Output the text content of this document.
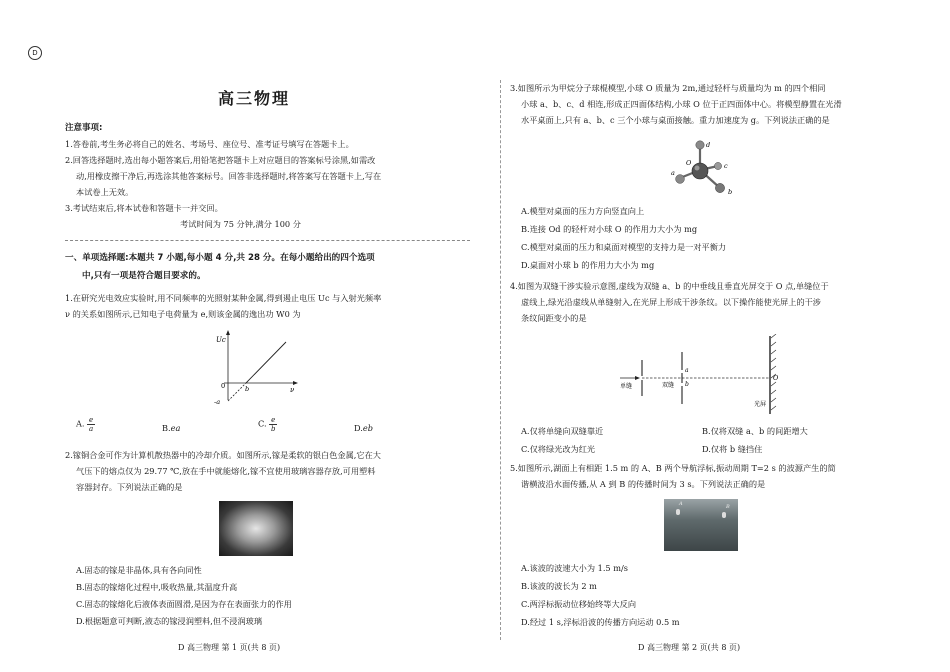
D
高三物理
注意事项:
1.答卷前,考生务必将自己的姓名、考场号、座位号、准考证号填写在答题卡上。
2.回答选择题时,选出每小题答案后,用铅笔把答题卡上对应题目的答案标号涂黑,如需改
动,用橡皮擦干净后,再选涂其他答案标号。回答非选择题时,将答案写在答题卡上,写在
本试卷上无效。
3.考试结束后,将本试卷和答题卡一并交回。
考试时间为 75 分钟,满分 100 分
一、单项选择题:本题共 7 小题,每小题 4 分,共 28 分。在每小题给出的四个选项
中,只有一项是符合题目要求的。
1.在研究光电效应实验时,用不同频率的光照射某种金属,得到遏止电压 Uc 与入射光频率
ν 的关系如图所示,已知电子电荷量为 e,则该金属的逸出功 W0 为
Uc
0	b
-a
ν
A. $\frac{e}{a}$	B.ea	C. $\frac{e}{b}$	D.eb
2.镓铜合金可作为计算机散热器中的冷却介质。如图所示,镓是柔软的银白色金属,它在大
气压下的熔点仅为 29.77 ℃,放在手中就能熔化,镓不宜使用玻璃容器存放,可用塑料
容器封存。下列说法正确的是
A.固态的镓是非晶体,具有各向同性
B.固态的镓熔化过程中,吸收热量,其温度升高
C.固态的镓熔化后液体表面圆滑,是因为存在表面张力的作用
D.根据题意可判断,液态的镓浸润塑料,但不浸润玻璃
D 高三物理 第 1 页(共 8 页)	D 高三物理 第 2 页(共 8 页)
3.如图所示为甲烷分子球棍模型,小球 O 质量为 2m,通过轻杆与质量均为 m 的四个相同
小球 a、b、c、d 相连,形成正四面体结构,小球 O 位于正四面体中心。将模型静置在光滑
水平桌面上,只有 a、b、c 三个小球与桌面接触。重力加速度为 g。下列说法正确的是
d
O	c
a
b
A.模型对桌面的压力方向竖直向上
B.连接 Od 的轻杆对小球 O 的作用力大小为 mg
C.模型对桌面的压力和桌面对模型的支持力是一对平衡力
D.桌面对小球 b 的作用力大小为 mg
4.如图为双缝干涉实验示意图,虚线为双缝 a、b 的中垂线且垂直光屏交于 O 点,单缝位于
虚线上,绿光沿虚线从单缝射入,在光屏上形成干涉条纹。以下操作能使光屏上的干涉
条纹间距变小的是
单缝	双缝
a
b
O
光屏
A.仅将单缝向双缝靠近	B.仅将双缝 a、b 的间距增大
C.仅将绿光改为红光	D.仅将 b 缝挡住
5.如图所示,湖面上有相距 1.5 m 的 A、B 两个导航浮标,振动周期 T=2 s 的波源产生的简
谐横波沿水面传播,从 A 到 B 的传播时间为 3 s。下列说法正确的是
A	B
A.该波的波速大小为 1.5 m/s
B.该波的波长为 2 m
C.两浮标振动位移始终等大反向
D.经过 1 s,浮标沿波的传播方向运动 0.5 m
